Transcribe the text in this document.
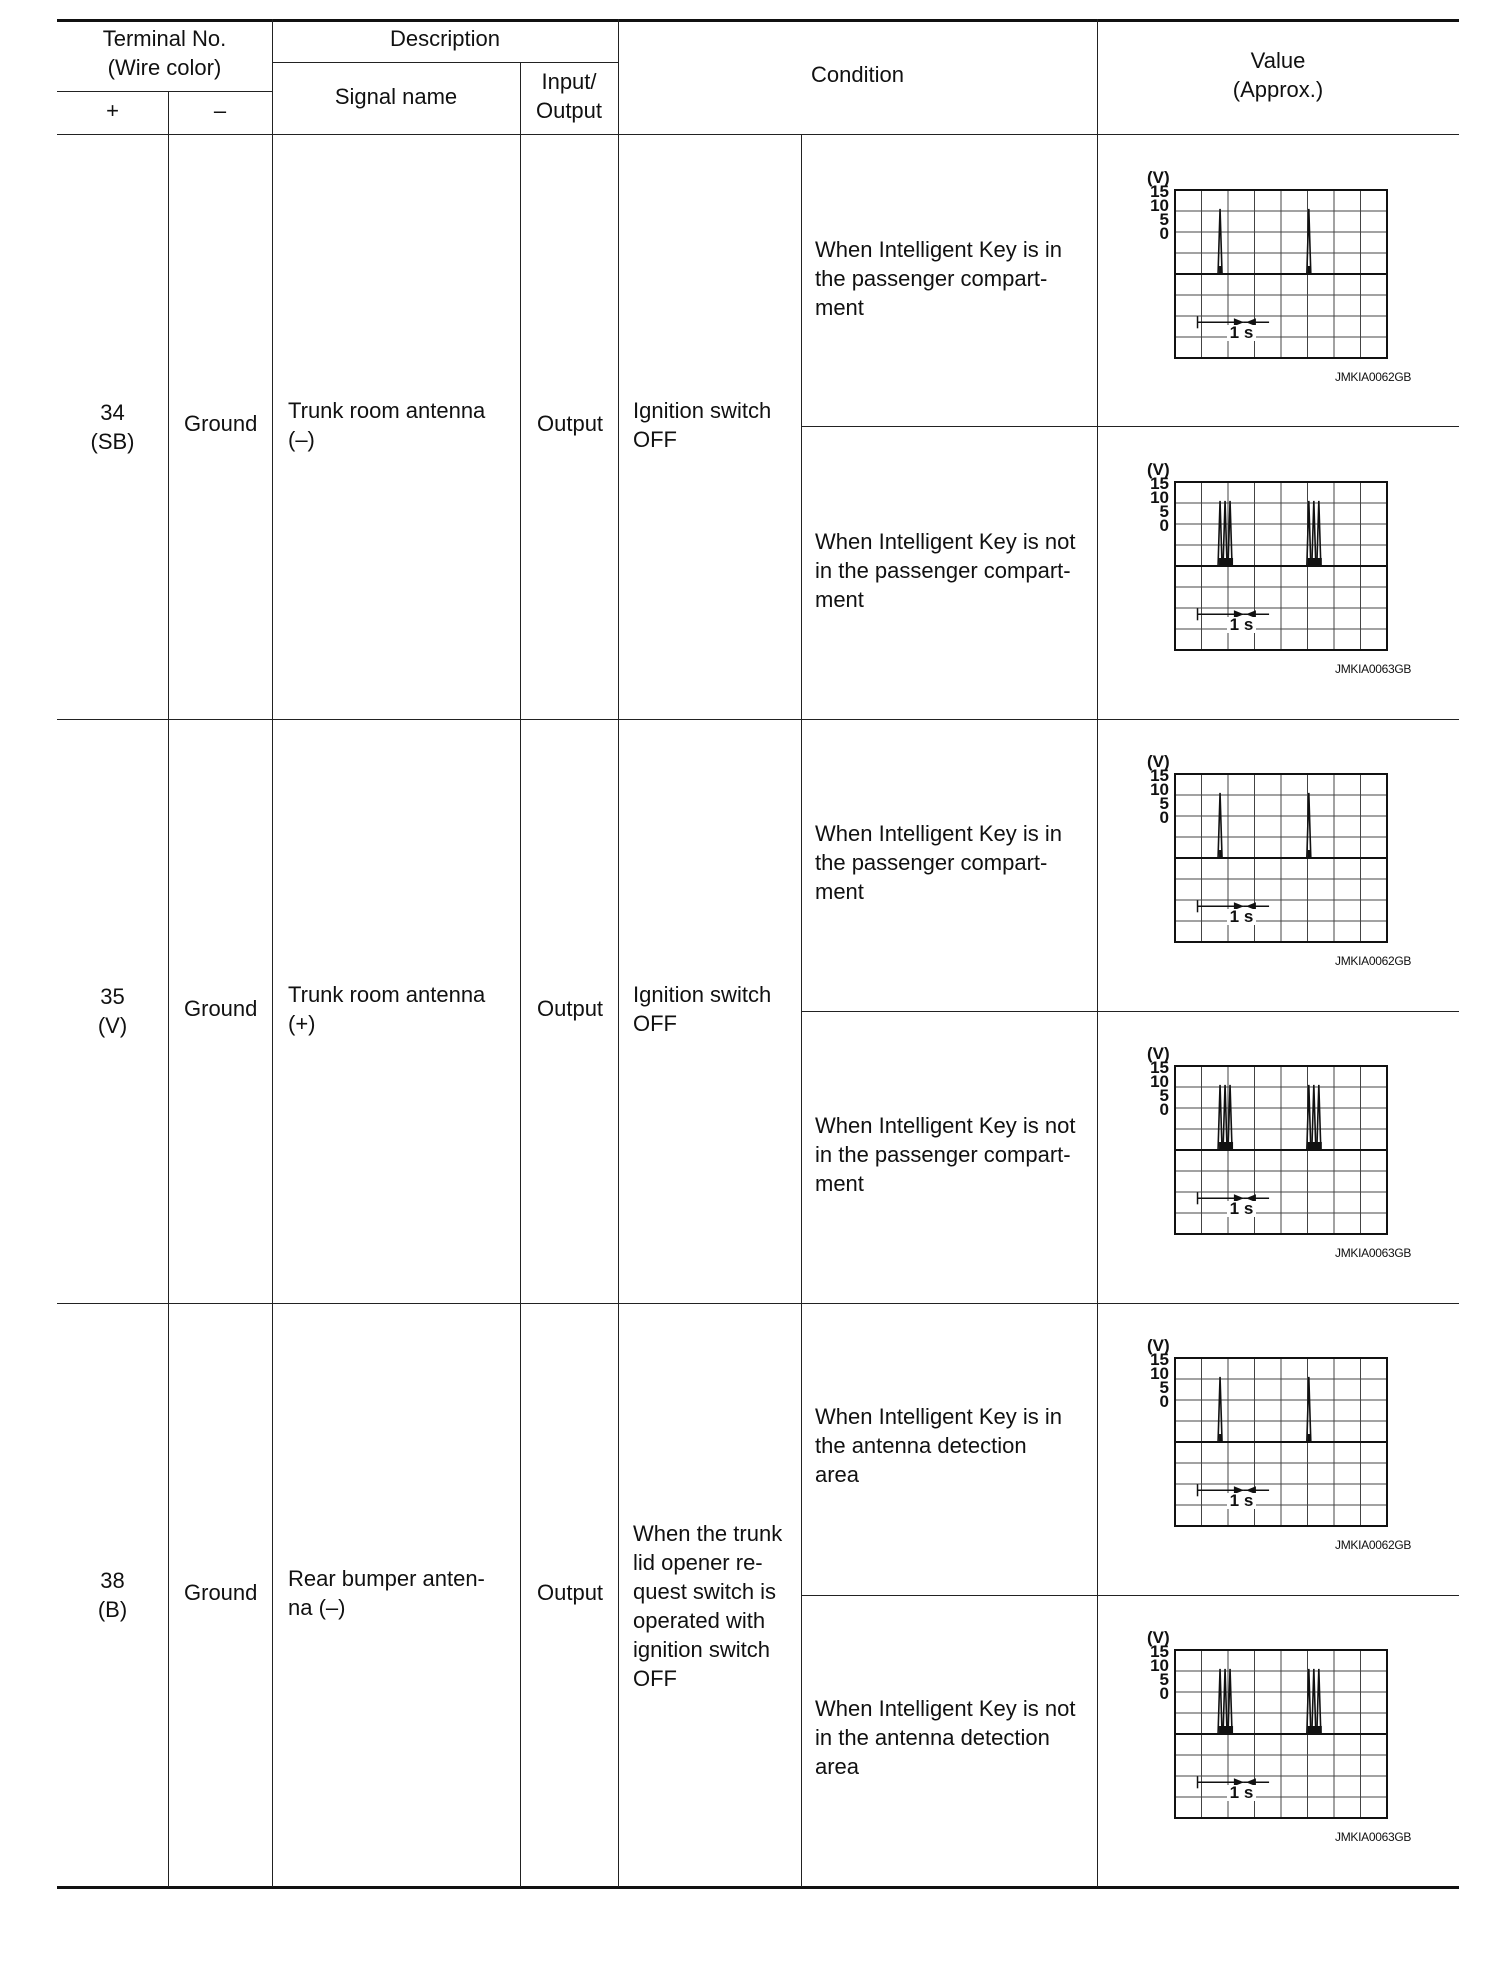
Terminal No.
(Wire color)
+	–
Description
Signal name
Input/
Output
Condition
Value
(Approx.)
34
(SB)
Ground
Trunk room antenna
(–)
Output
Ignition switch
OFF
When Intelligent Key is in
the passenger compart-
ment
When Intelligent Key is not
in the passenger compart-
ment
35
(V)
Ground
Trunk room antenna
(+)
Output
Ignition switch
OFF
When Intelligent Key is in
the passenger compart-
ment
When Intelligent Key is not
in the passenger compart-
ment
38
(B)
Ground
Rear bumper anten-
na (–)
Output
When the trunk
lid opener re-
quest switch is
operated with
ignition switch
OFF
When Intelligent Key is in
the antenna detection
area
When Intelligent Key is not
in the antenna detection
area
(V)
15
10
5
0
1 s
JMKIA0062GB
(V)
15
10
5
0
1 s
JMKIA0063GB
(V)
15
10
5
0
1 s
JMKIA0062GB
(V)
15
10
5
0
1 s
JMKIA0063GB
(V)
15
10
5
0
1 s
JMKIA0062GB
(V)
15
10
5
0
1 s
JMKIA0063GB
